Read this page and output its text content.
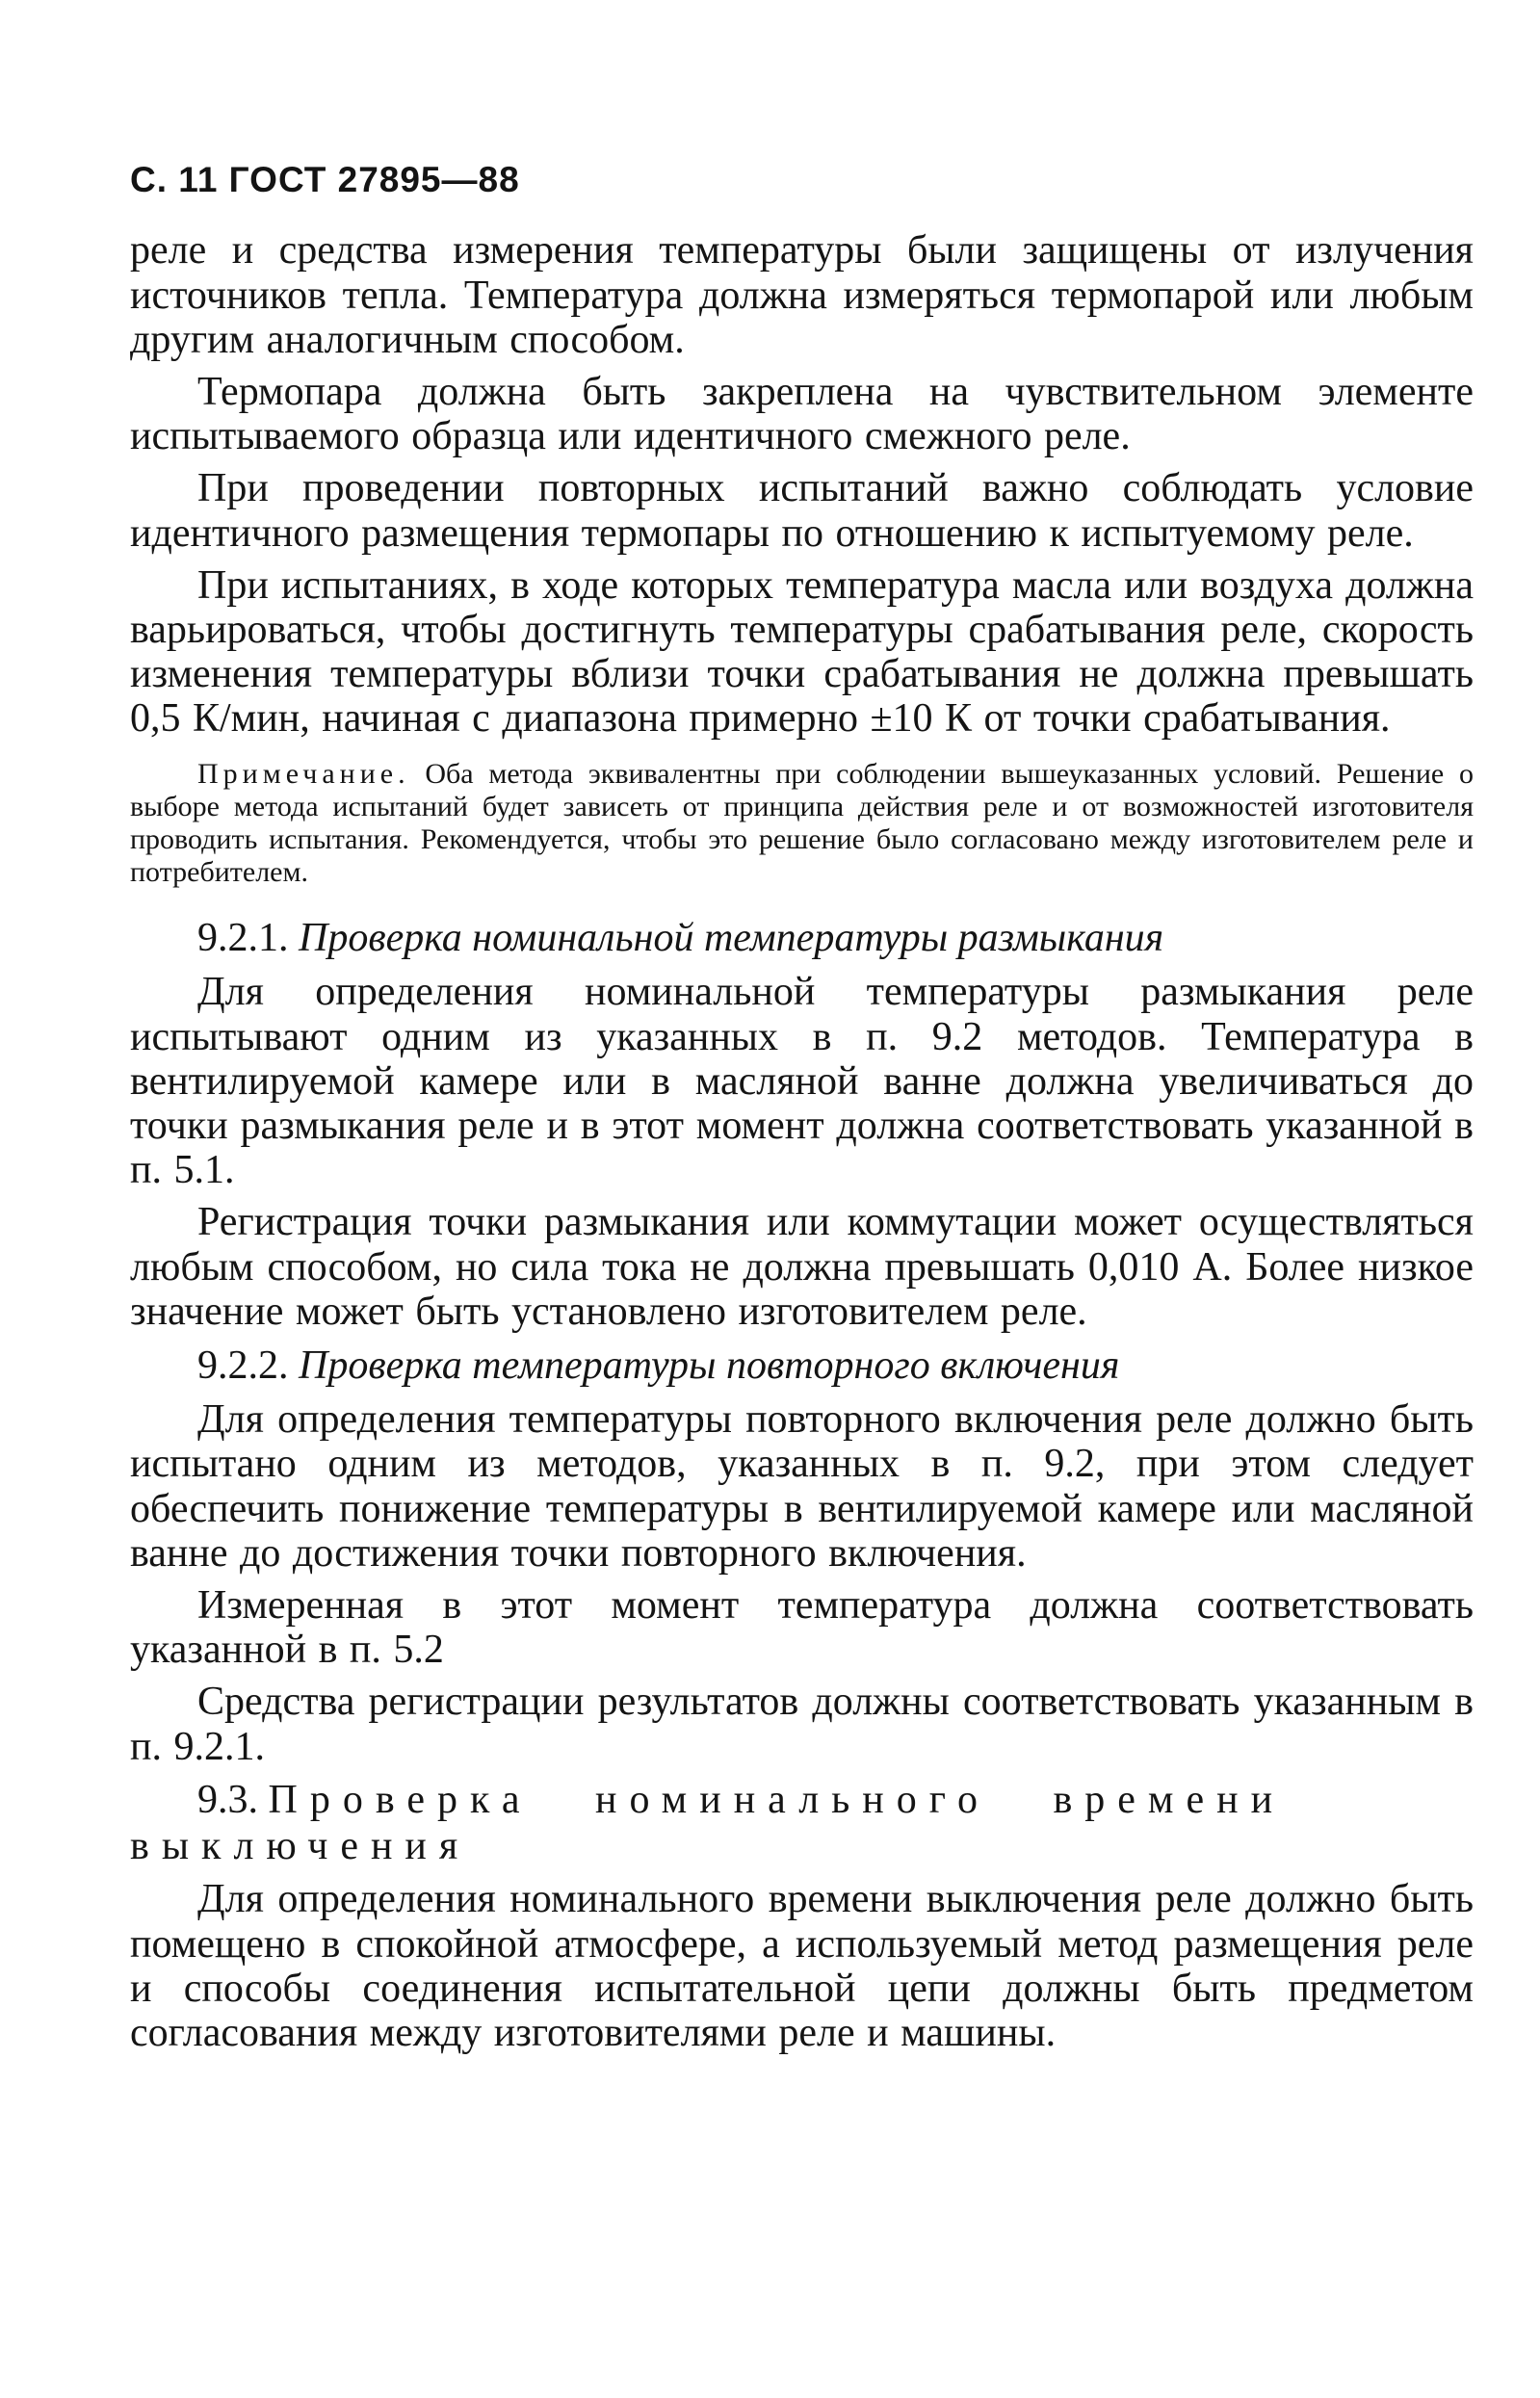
С. 11 ГОСТ 27895—88

реле и средства измерения температуры были защищены от излучения источников тепла. Температура должна измеряться термопарой или любым другим аналогичным способом.

Термопара должна быть закреплена на чувствительном элементе испытываемого образца или идентичного смежного реле.

При проведении повторных испытаний важно соблюдать условие идентичного размещения термопары по отношению к испытуемому реле.

При испытаниях, в ходе которых температура масла или воздуха должна варьироваться, чтобы достигнуть температуры срабатывания реле, скорость изменения температуры вблизи точки срабатывания не должна превышать 0,5 К/мин, начиная с диапазона примерно ±10 К от точки срабатывания.

Примечание. Оба метода эквивалентны при соблюдении вышеуказанных условий. Решение о выборе метода испытаний будет зависеть от принципа действия реле и от возможностей изготовителя проводить испытания. Рекомендуется, чтобы это решение было согласовано между изготовителем реле и потребителем.

9.2.1. Проверка номинальной температуры размыкания

Для определения номинальной температуры размыкания реле испытывают одним из указанных в п. 9.2 методов. Температура в вентилируемой камере или в масляной ванне должна увеличиваться до точки размыкания реле и в этот момент должна соответствовать указанной в п. 5.1.

Регистрация точки размыкания или коммутации может осуществляться любым способом, но сила тока не должна превышать 0,010 А. Более низкое значение может быть установлено изготовителем реле.

9.2.2. Проверка температуры повторного включения

Для определения температуры повторного включения реле должно быть испытано одним из методов, указанных в п. 9.2, при этом следует обеспечить понижение температуры в вентилируемой камере или масляной ванне до достижения точки повторного включения.

Измеренная в этот момент температура должна соответствовать указанной в п. 5.2

Средства регистрации результатов должны соответствовать указанным в п. 9.2.1.

9.3. Проверка номинального времени выключения

Для определения номинального времени выключения реле должно быть помещено в спокойной атмосфере, а используемый метод размещения реле и способы соединения испытательной цепи должны быть предметом согласования между изготовителями реле и машины.
